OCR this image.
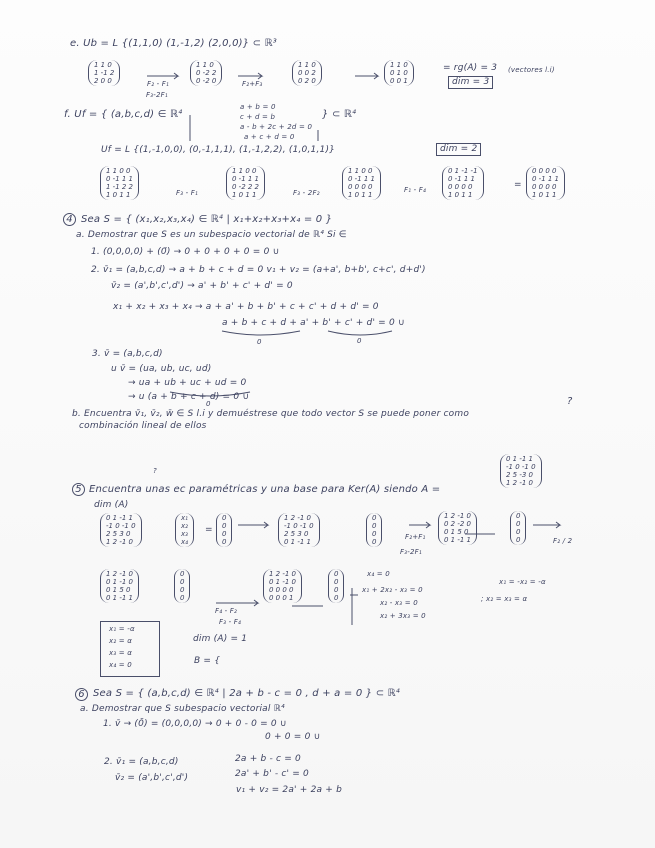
e. Ub = L {(1,1,0) (1,-1,2) (2,0,0)} ⊂ ℝ³
1 1 0
1 -1 2
2 0 0	F₂ - F₁
F₃-2F₁
1 1 0
0 -2 2
0 -2 0	F₂+F₃
1 1 0
0 0 2
0 2 0
1 1 0
0 1 0
0 0 1
= rg(A) = 3
dim = 3
(vectores l.i)
f. Uf = { (a,b,c,d) ∈ ℝ⁴
a + b = 0
c + d = b
a - b + 2c + 2d = 0
a + c + d = 0
} ⊂ ℝ⁴
Uf = L {(1,-1,0,0), (0,-1,1,1), (1,-1,2,2), (1,0,1,1)}	dim = 2
1 1 0 0
0 -1 1 1
1 -1 2 2
1 0 1 1	F₃ - F₁
1 1 0 0
0 -1 1 1
0 -2 2 2
1 0 1 1	F₃ - 2F₂
1 1 0 0
0 -1 1 1
0 0 0 0
1 0 1 1
F₁ - F₄
0 1 -1 -1
0 -1 1 1
0 0 0 0
1 0 1 1
=
0 0 0 0
0 -1 1 1
0 0 0 0
1 0 1 1
4 Sea S = { (x₁,x₂,x₃,x₄) ∈ ℝ⁴ | x₁+x₂+x₃+x₄ = 0 }
a. Demostrar que S es un subespacio vectorial de ℝ⁴ Si ∈
1. (0,0,0,0) + (0̄) → 0 + 0 + 0 + 0 = 0 ∪
2. v̄₁ = (a,b,c,d) → a + b + c + d = 0 v₁ + v₂ = (a+a', b+b', c+c', d+d')
v̄₂ = (a',b',c',d') → a' + b' + c' + d' = 0
x₁ + x₂ + x₃ + x₄ → a + a' + b + b' + c + c' + d + d' = 0
a + b + c + d + a' + b' + c' + d' = 0 ∪
0	0
3. v̄ = (a,b,c,d)
u v̄ = (ua, ub, uc, ud)
→ ua + ub + uc + ud = 0
→ u (a + b + c + d) = 0 ∪
0
b. Encuentra v̄₁, v̄₂, w̄ ∈ S l.i y demuéstrese que todo vector S se puede poner como
combinación lineal de ellos
?
?
5 Encuentra unas ec paramétricas y una base para Ker(A) siendo A =
0 1 -1 1
-1 0 -1 0
2 5 -3 0
1 2 -1 0
dim (A)
0 1 -1 1
-1 0 -1 0
2 5 3 0
1 2 -1 0
x₁
x₂
x₃
x₄
=
0
0
0
0
1 2 -1 0
-1 0 -1 0
2 5 3 0
0 1 -1 1
0
0
0
0
F₂+F₁
F₃-2F₁
1 2 -1 0
0 2 -2 0
0 1 5 0
0 1 -1 1
0
0
0
0	F₂ / 2
1 2 -1 0
0 1 -1 0
0 1 5 0
0 1 -1 1
0
0
0
0
F₄ - F₂
F₃ - F₄
1 2 -1 0
0 1 -1 0
0 0 0 0
0 0 0 1
0
0
0
0
x₄ = 0
x₁ + 2x₂ - x₃ = 0
x₂ - x₃ = 0
x₂ + 3x₃ = 0
x₁ = -x₂ = -α
; x₂ = x₃ = α
x₁ = -α
x₂ = α
x₃ = α
x₄ = 0
dim (A) = 1
B = {
6 Sea S = { (a,b,c,d) ∈ ℝ⁴ | 2a + b - c = 0 , d + a = 0 } ⊂ ℝ⁴
a. Demostrar que S subespacio vectorial ℝ⁴
1. v̄ → (0̄) = (0,0,0,0) → 0 + 0 - 0 = 0 ∪
0 + 0 = 0 ∪
2. v̄₁ = (a,b,c,d)
v̄₂ = (a',b',c',d')
2a + b - c = 0
2a' + b' - c' = 0
v₁ + v₂ = 2a' + 2a + b
